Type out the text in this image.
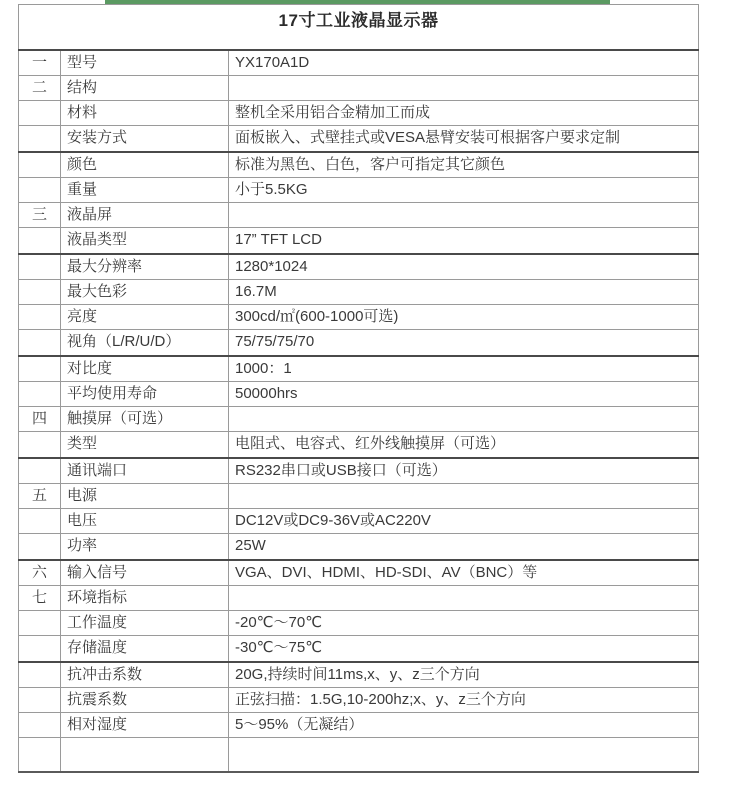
17寸工业液晶显示器		
一	型号	YX170A1D
二	结构	
	材料	整机全采用铝合金精加工而成
	安装方式	面板嵌入、式壁挂式或VESA悬臂安装可根据客户要求定制
	颜色	标准为黑色、白色，客户可指定其它颜色
	重量	小于5.5KG
三	液晶屏	
	液晶类型	17” TFT LCD
	最大分辨率	1280*1024
	最大色彩	16.7M
	亮度	300cd/㎡(600-1000可选)
	视角（L/R/U/D）	75/75/75/70
	对比度	1000：1
	平均使用寿命	50000hrs
四	触摸屏（可选）	
	类型	电阻式、电容式、红外线触摸屏（可选）
	通讯端口	RS232串口或USB接口（可选）
五	电源	
	电压	DC12V或DC9-36V或AC220V
	功率	25W
六	输入信号	VGA、DVI、HDMI、HD-SDI、AV（BNC）等
七	环境指标	
	工作温度	-20℃～70℃
	存储温度	-30℃～75℃
	抗冲击系数	20G,持续时间11ms,x、y、z三个方向
	抗震系数	正弦扫描：1.5G,10-200hz;x、y、z三个方向
	相对湿度	5～95%（无凝结）
